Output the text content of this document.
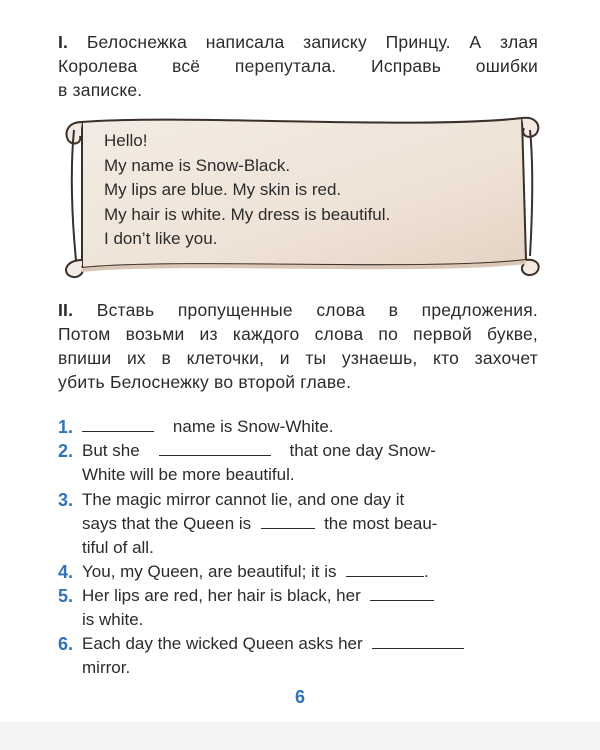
I. Белоснежка написала записку Принцу. А злая
Королева всё перепутала. Исправь ошибки
в записке.
Hello!
My name is Snow-Black.
My lips are blue. My skin is red.
My hair is white. My dress is beautiful.
I don’t like you.
II. Вставь пропущенные слова в предложения.
Потом возьми из каждого слова по первой букве,
впиши их в клеточки, и ты узнаешь, кто захочет
убить Белоснежку во второй главе.
1.	name is Snow-White.
2. But she	that one day Snow-
White will be more beautiful.
3. The magic mirror cannot lie, and one day it
says that the Queen is	the most beau-
tiful of all.
4. You, my Queen, are beautiful; it is	.
5. Her lips are red, her hair is black, her
is white.
6. Each day the wicked Queen asks her
mirror.
6
